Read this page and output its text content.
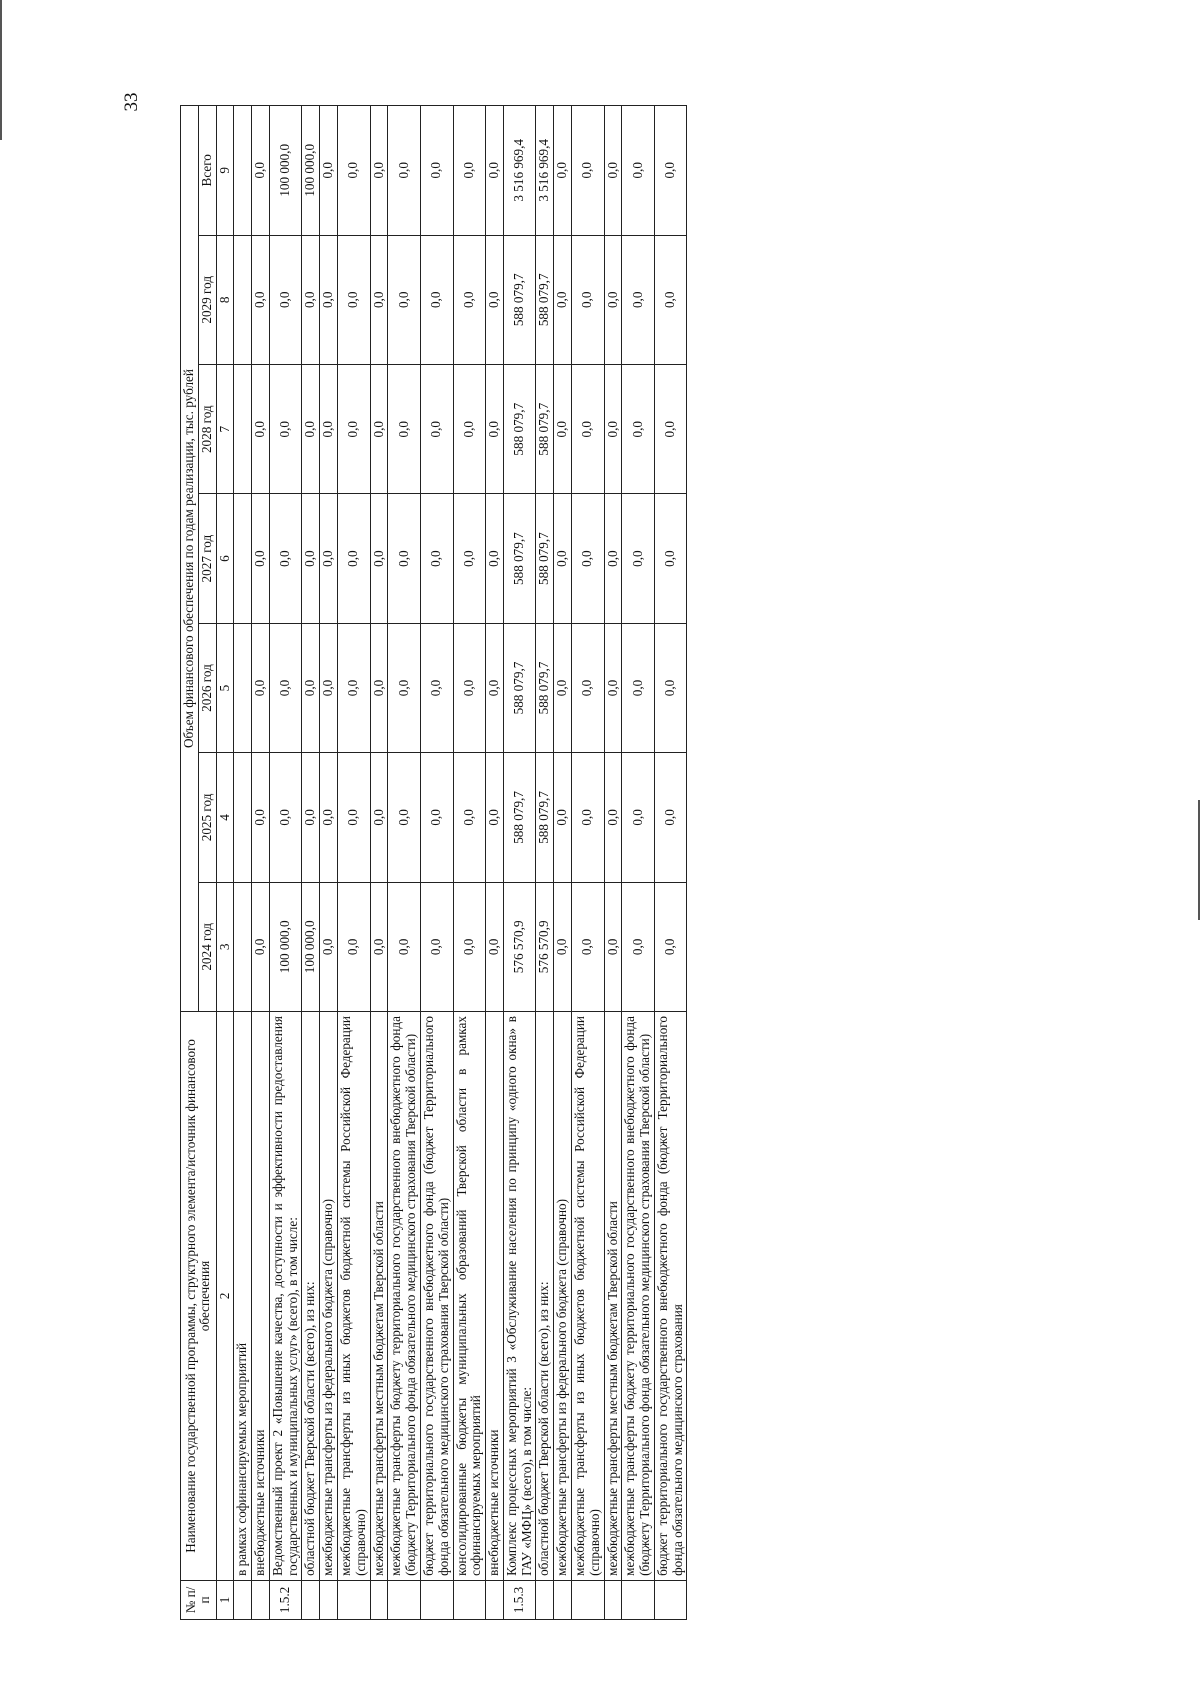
33
№ п/п	Наименование государственной программы, структурного элемента/источник финансового обеспечения	Объем финансового обеспечения по годам реализации, тыс. рублей						
		2024 год	2025 год	2026 год	2027 год	2028 год	2029 год	Всего
1	2	3	4	5	6	7	8	9
	в рамках софинансируемых мероприятий							
	внебюджетные источники	0,0	0,0	0,0	0,0	0,0	0,0	0,0
1.5.2	Ведомственный проект 2 «Повышение качества, доступности и эффективности предоставления государственных и муниципальных услуг» (всего), в том числе:	100 000,0	0,0	0,0	0,0	0,0	0,0	100 000,0
	областной бюджет Тверской области (всего), из них:	100 000,0	0,0	0,0	0,0	0,0	0,0	100 000,0
	межбюджетные трансферты из федерального бюджета (справочно)	0,0	0,0	0,0	0,0	0,0	0,0	0,0
	межбюджетные трансферты из иных бюджетов бюджетной системы Российской Федерации (справочно)	0,0	0,0	0,0	0,0	0,0	0,0	0,0
	межбюджетные трансферты местным бюджетам Тверской области	0,0	0,0	0,0	0,0	0,0	0,0	0,0
	межбюджетные трансферты бюджету территориального государственного внебюджетного фонда (бюджету Территориального фонда обязательного медицинского страхования Тверской области)	0,0	0,0	0,0	0,0	0,0	0,0	0,0
	бюджет территориального государственного внебюджетного фонда (бюджет Территориального фонда обязательного медицинского страхования Тверской области)	0,0	0,0	0,0	0,0	0,0	0,0	0,0
	консолидированные бюджеты муниципальных образований Тверской области в рамках софинансируемых мероприятий	0,0	0,0	0,0	0,0	0,0	0,0	0,0
	внебюджетные источники	0,0	0,0	0,0	0,0	0,0	0,0	0,0
1.5.3	Комплекс процессных мероприятий 3 «Обслуживание населения по принципу «одного окна» в ГАУ «МФЦ» (всего), в том числе:	576 570,9	588 079,7	588 079,7	588 079,7	588 079,7	588 079,7	3 516 969,4
	областной бюджет Тверской области (всего), из них:	576 570,9	588 079,7	588 079,7	588 079,7	588 079,7	588 079,7	3 516 969,4
	межбюджетные трансферты из федерального бюджета (справочно)	0,0	0,0	0,0	0,0	0,0	0,0	0,0
	межбюджетные трансферты из иных бюджетов бюджетной системы Российской Федерации (справочно)	0,0	0,0	0,0	0,0	0,0	0,0	0,0
	межбюджетные трансферты местным бюджетам Тверской области	0,0	0,0	0,0	0,0	0,0	0,0	0,0
	межбюджетные трансферты бюджету территориального государственного внебюджетного фонда (бюджету Территориального фонда обязательного медицинского страхования Тверской области)	0,0	0,0	0,0	0,0	0,0	0,0	0,0
	бюджет территориального государственного внебюджетного фонда (бюджет Территориального фонда обязательного медицинского страхования	0,0	0,0	0,0	0,0	0,0	0,0	0,0
